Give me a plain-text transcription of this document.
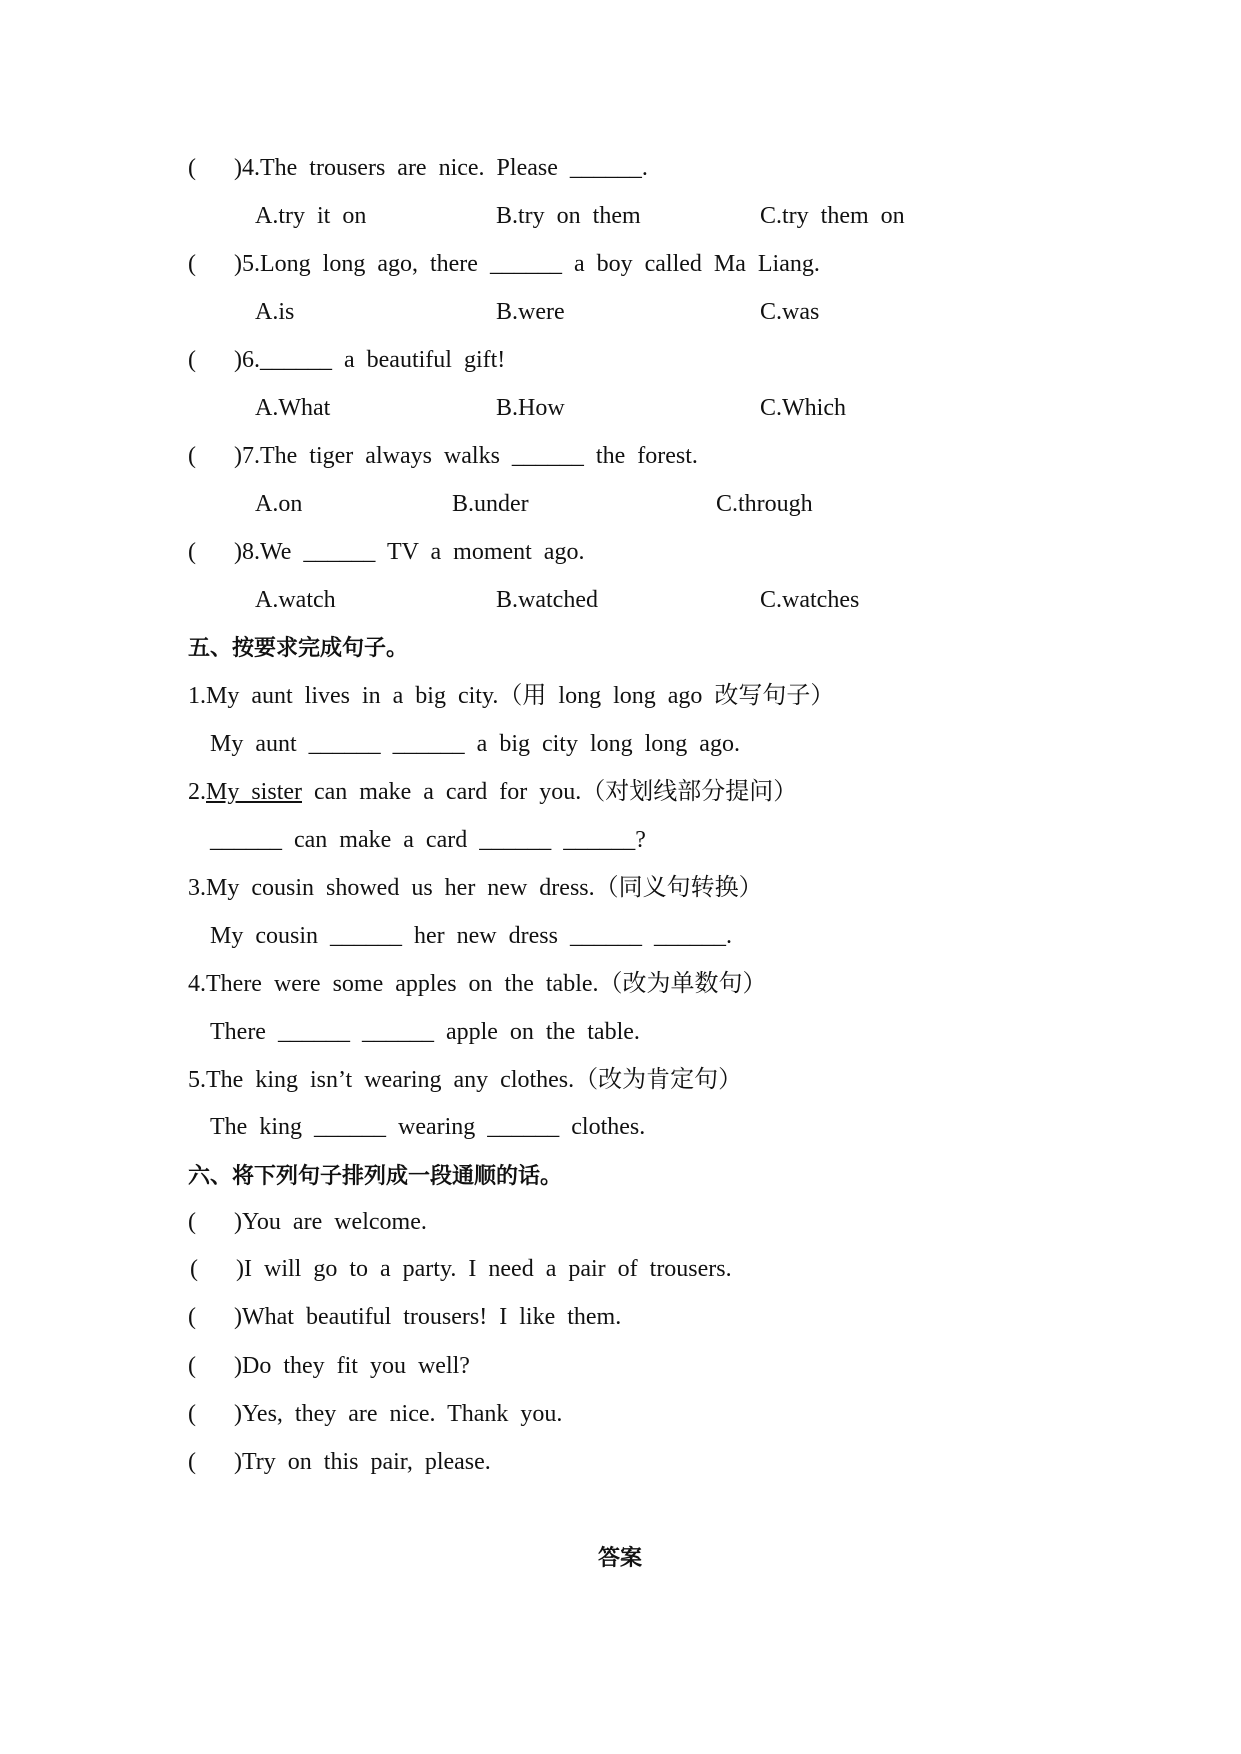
( )4.The trousers are nice. Please ______.
A.try it on	B.try on them	C.try them on
( )5.Long long ago, there ______ a boy called Ma Liang.
A.is	B.were	C.was
( )6.______ a beautiful gift!
A.What	B.How	C.Which
( )7.The tiger always walks ______ the forest.
A.on	B.under	C.through
( )8.We ______ TV a moment ago.
A.watch	B.watched	C.watches
五、按要求完成句子。
1.My aunt lives in a big city.（用 long long ago 改写句子）
My aunt ______ ______ a big city long long ago.
2.My sister can make a card for you.（对划线部分提问）
______ can make a card ______ ______?
3.My cousin showed us her new dress.（同义句转换）
My cousin ______ her new dress ______ ______.
4.There were some apples on the table.（改为单数句）
There ______ ______ apple on the table.
5.The king isn’t wearing any clothes.（改为肯定句）
The king ______ wearing ______ clothes.
六、将下列句子排列成一段通顺的话。
( )You are welcome.
( )I will go to a party. I need a pair of trousers.
( )What beautiful trousers! I like them.
( )Do they fit you well?
( )Yes, they are nice. Thank you.
( )Try on this pair, please.
答案
